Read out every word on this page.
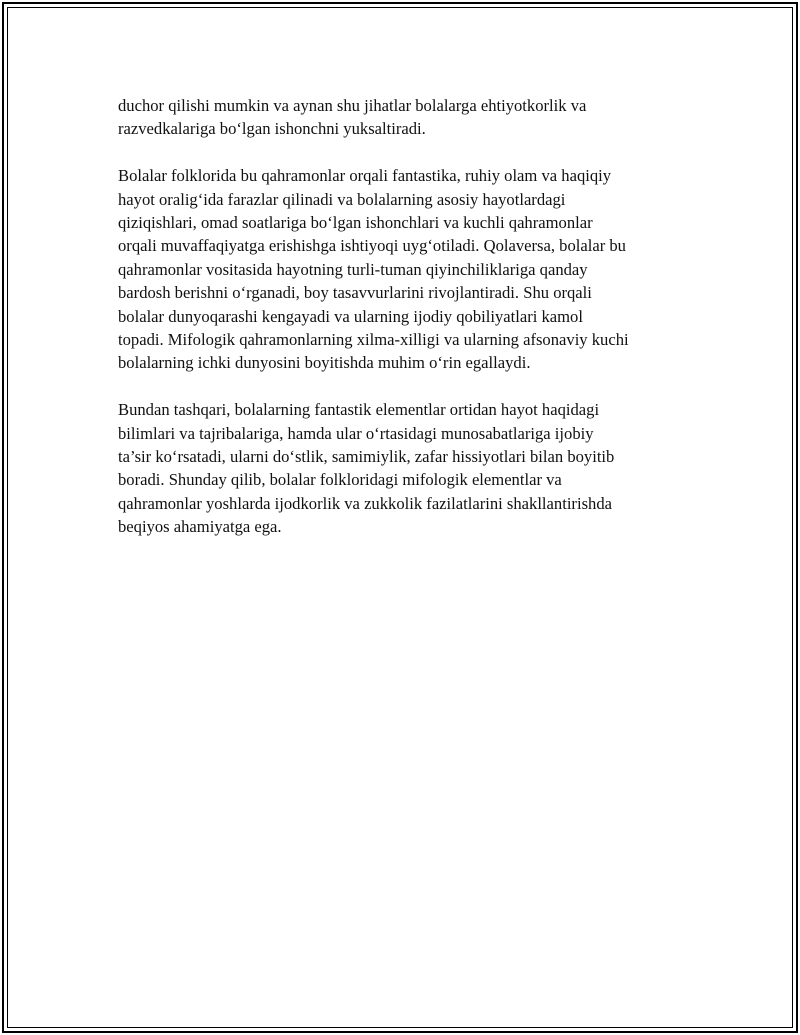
duchor qilishi mumkin va aynan shu jihatlar bolalarga ehtiyotkorlik va
razvedkalariga bo‘lgan ishonchni yuksaltiradi.

Bolalar folklorida bu qahramonlar orqali fantastika, ruhiy olam va haqiqiy
hayot oralig‘ida farazlar qilinadi va bolalarning asosiy hayotlardagi
qiziqishlari, omad soatlariga bo‘lgan ishonchlari va kuchli qahramonlar
orqali muvaffaqiyatga erishishga ishtiyoqi uyg‘otiladi. Qolaversa, bolalar bu
qahramonlar vositasida hayotning turli-tuman qiyinchiliklariga qanday
bardosh berishni o‘rganadi, boy tasavvurlarini rivojlantiradi. Shu orqali
bolalar dunyoqarashi kengayadi va ularning ijodiy qobiliyatlari kamol
topadi. Mifologik qahramonlarning xilma-xilligi va ularning afsonaviy kuchi
bolalarning ichki dunyosini boyitishda muhim o‘rin egallaydi.

Bundan tashqari, bolalarning fantastik elementlar ortidan hayot haqidagi
bilimlari va tajribalariga, hamda ular o‘rtasidagi munosabatlariga ijobiy
ta’sir ko‘rsatadi, ularni do‘stlik, samimiylik, zafar hissiyotlari bilan boyitib
boradi. Shunday qilib, bolalar folkloridagi mifologik elementlar va
qahramonlar yoshlarda ijodkorlik va zukkolik fazilatlarini shakllantirishda
beqiyos ahamiyatga ega.
